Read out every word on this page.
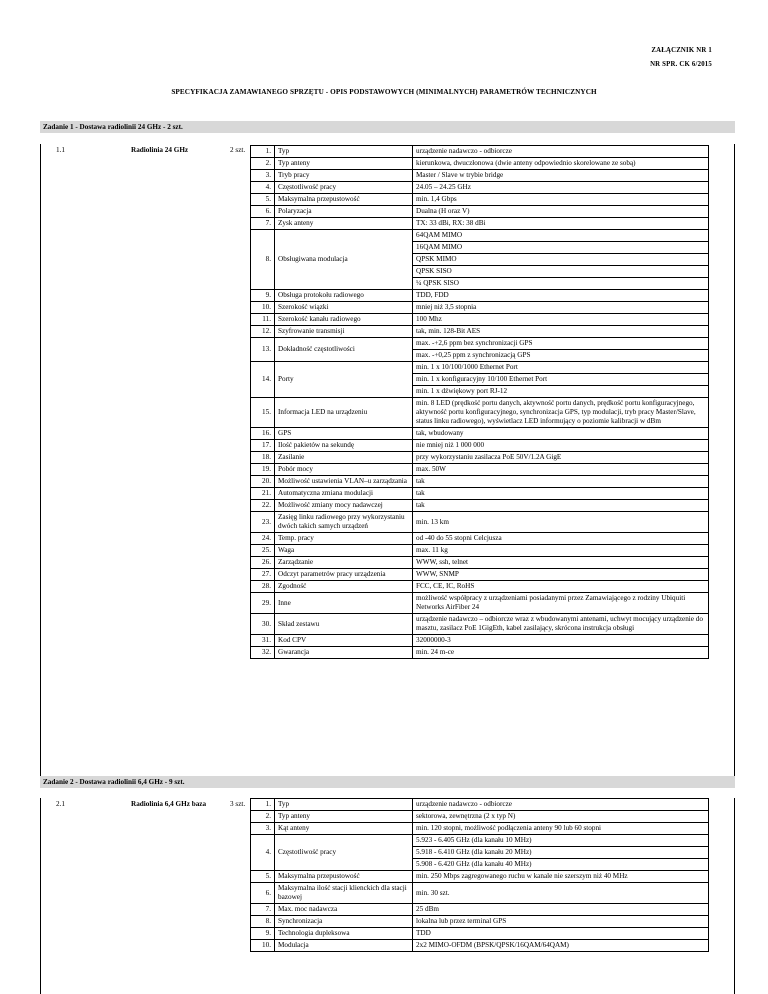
ZAŁĄCZNIK NR 1
NR SPR. CK 6/2015
SPECYFIKACJA ZAMAWIANEGO SPRZĘTU - OPIS PODSTAWOWYCH (MINIMALNYCH) PARAMETRÓW TECHNICZNYCH
Zadanie 1 - Dostawa radiolinii 24 GHz - 2 szt.
1.1	Radiolinia 24 GHz	2 szt.	1.	Typ	urządzenie nadawczo - odbiorcze
2.	Typ anteny	kierunkowa, dwuczłonowa (dwie anteny odpowiednio skorelowane ze sobą)
3.	Tryb pracy	Master / Slave w trybie bridge
4.	Częstotliwość pracy	24.05 – 24.25 GHz
5.	Maksymalna przepustowość	min. 1,4 Gbps
6.	Polaryzacja	Dualna (H oraz V)
7.	Zysk anteny	TX: 33 dBi, RX: 38 dBi
8.	Obsługiwana modulacja	64QAM MIMO
16QAM MIMO
QPSK MIMO
QPSK SISO
¼ QPSK SISO

9.	Obsługa protokołu radiowego	TDD, FDD
10.	Szerokość wiązki	mniej niż 3,5 stopnia
11.	Szerokość kanału radiowego	100 Mhz
12.	Szyfrowanie transmisji	tak, min. 128-Bit AES
13.	Dokładność częstotliwości	max. -+2,6 ppm bez synchronizacji GPS
max. -+0,25 ppm z synchronizacją GPS

14.	Porty	min. 1 x 10/100/1000 Ethernet Port
min. 1 x konfiguracyjny 10/100 Ethernet Port
min. 1 x dźwiękowy port RJ-12

15.	Informacja LED na urządzeniu	min. 8 LED (prędkość portu danych, aktywność portu danych, prędkość portu konfiguracyjnego, aktywność portu konfiguracyjnego, synchronizacja GPS, typ modulacji, tryb pracy Master/Slave, status linku radiowego), wyświetlacz LED informujący o poziomie kalibracji w dBm
16.	GPS	tak, wbudowany
17.	Ilość pakietów na sekundę	nie mniej niż 1 000 000
18.	Zasilanie	przy wykorzystaniu zasilacza PoE 50V/1.2A GigE
19.	Pobór mocy	max. 50W
20.	Możliwość ustawienia VLAN–u zarządzania	tak
21.	Automatyczna zmiana modulacji	tak
22.	Możliwość zmiany mocy nadawczej	tak
23.	Zasięg linku radiowego przy wykorzystaniu dwóch takich samych urządzeń	min. 13 km
24.	Temp. pracy	od -40 do 55 stopni Celcjusza
25.	Waga	max. 11 kg
26.	Zarządzanie	WWW, ssh, telnet
27.	Odczyt parametrów pracy urządzenia	WWW, SNMP
28.	Zgodność	FCC, CE, IC, RoHS
29.	Inne	możliwość współpracy z urządzeniami posiadanymi przez Zamawiającego z rodziny Ubiquiti Networks AirFiber 24
30.	Skład zestawu	urządzenie nadawczo – odbiorcze wraz z wbudowanymi antenami, uchwyt mocujący urządzenie do masztu, zasilacz PoE 1GigEth, kabel zasilający, skrócona instrukcja obsługi
31.	Kod CPV	32000000-3
32.	Gwarancja	min. 24 m-ce
Zadanie 2 - Dostawa radiolinii 6,4 GHz - 9 szt.
2.1	Radiolinia 6,4 GHz baza	3 szt.	1.	Typ	urządzenie nadawczo - odbiorcze
2.	Typ anteny	sektorowa, zewnętrzna (2 x typ N)
3.	Kąt anteny	min. 120 stopni, możliwość podłączenia anteny 90 lub 60 stopni
4.	Częstotliwość pracy	5.923 - 6.405 GHz (dla kanału 10 MHz)
5.918 - 6.410 GHz (dla kanału 20 MHz)
5.908 - 6.420 GHz (dla kanału 40 MHz)

5.	Maksymalna przepustowość	min. 250 Mbps zagregowanego ruchu w kanale nie szerszym niż 40 MHz
6.	Maksymalna ilość stacji klienckich dla stacji bazowej	min. 30 szt.
7.	Max. moc nadawcza	25 dBm
8.	Synchronizacja	lokalna lub przez terminal GPS
9.	Technologia dupleksowa	TDD
10.	Modulacja	2x2 MIMO-OFDM (BPSK/QPSK/16QAM/64QAM)
